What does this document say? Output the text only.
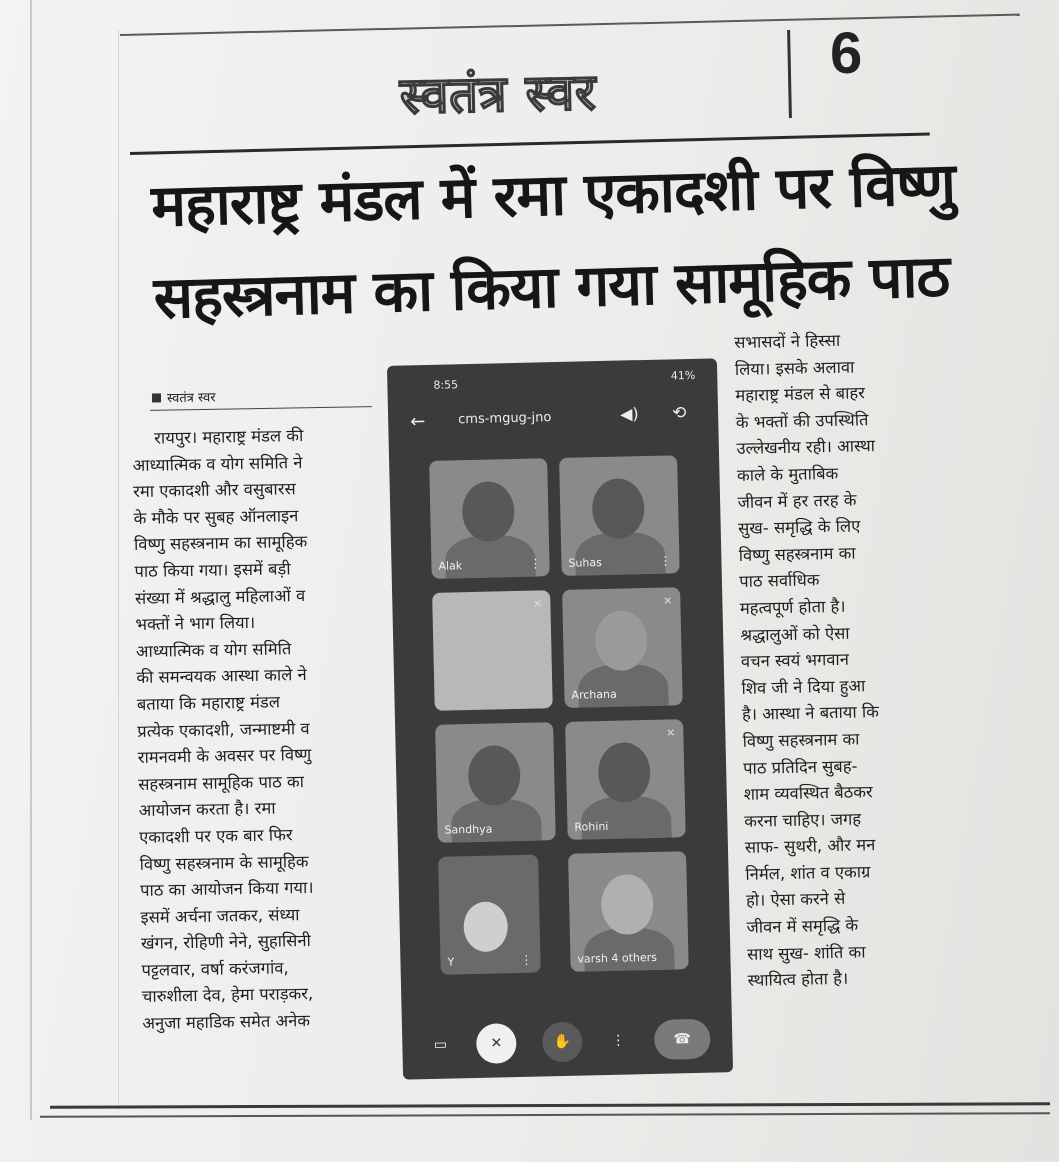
स्वतंत्र स्वर
6
महाराष्ट्र मंडल में रमा एकादशी पर विष्णु
सहस्त्रनाम का किया गया सामूहिक पाठ
स्वतंत्र स्वर
रायपुर। महाराष्ट्र मंडल की
आध्यात्मिक व योग समिति ने
रमा एकादशी और वसुबारस
के मौके पर सुबह ऑनलाइन
विष्णु सहस्त्रनाम का सामूहिक
पाठ किया गया। इसमें बड़ी
संख्या में श्रद्धालु महिलाओं व
भक्तों ने भाग लिया।
आध्यात्मिक व योग समिति
की समन्वयक आस्था काले ने
बताया कि महाराष्ट्र मंडल
प्रत्येक एकादशी, जन्माष्टमी व
रामनवमी के अवसर पर विष्णु
सहस्त्रनाम सामूहिक पाठ का
आयोजन करता है। रमा
एकादशी पर एक बार फिर
विष्णु सहस्त्रनाम के सामूहिक
पाठ का आयोजन किया गया।
इसमें अर्चना जतकर, संध्या
खंगन, रोहिणी नेने, सुहासिनी
पट्टलवार, वर्षा करंजगांव,
चारुशीला देव, हेमा पराड़कर,
अनुजा महाडिक समेत अनेक
8:55
41%
← cms-mgug-jno	◀) ⟲
Alak	⋮ Suhas	⋮
✕	✕
Archana
Sandhya
✕
Rohini
Y	⋮	varsh 4 others
▭	✕	✋	⋮	☎
सभासदों ने हिस्सा
लिया। इसके अलावा
महाराष्ट्र मंडल से बाहर
के भक्तों की उपस्थिति
उल्लेखनीय रही। आस्था
काले के मुताबिक
जीवन में हर तरह के
सुख- समृद्धि के लिए
विष्णु सहस्त्रनाम का
पाठ सर्वाधिक
महत्वपूर्ण होता है।
श्रद्धालुओं को ऐसा
वचन स्वयं भगवान
शिव जी ने दिया हुआ
है। आस्था ने बताया कि
विष्णु सहस्त्रनाम का
पाठ प्रतिदिन सुबह-
शाम व्यवस्थित बैठकर
करना चाहिए। जगह
साफ- सुथरी, और मन
निर्मल, शांत व एकाग्र
हो। ऐसा करने से
जीवन में समृद्धि के
साथ सुख- शांति का
स्थायित्व होता है।
